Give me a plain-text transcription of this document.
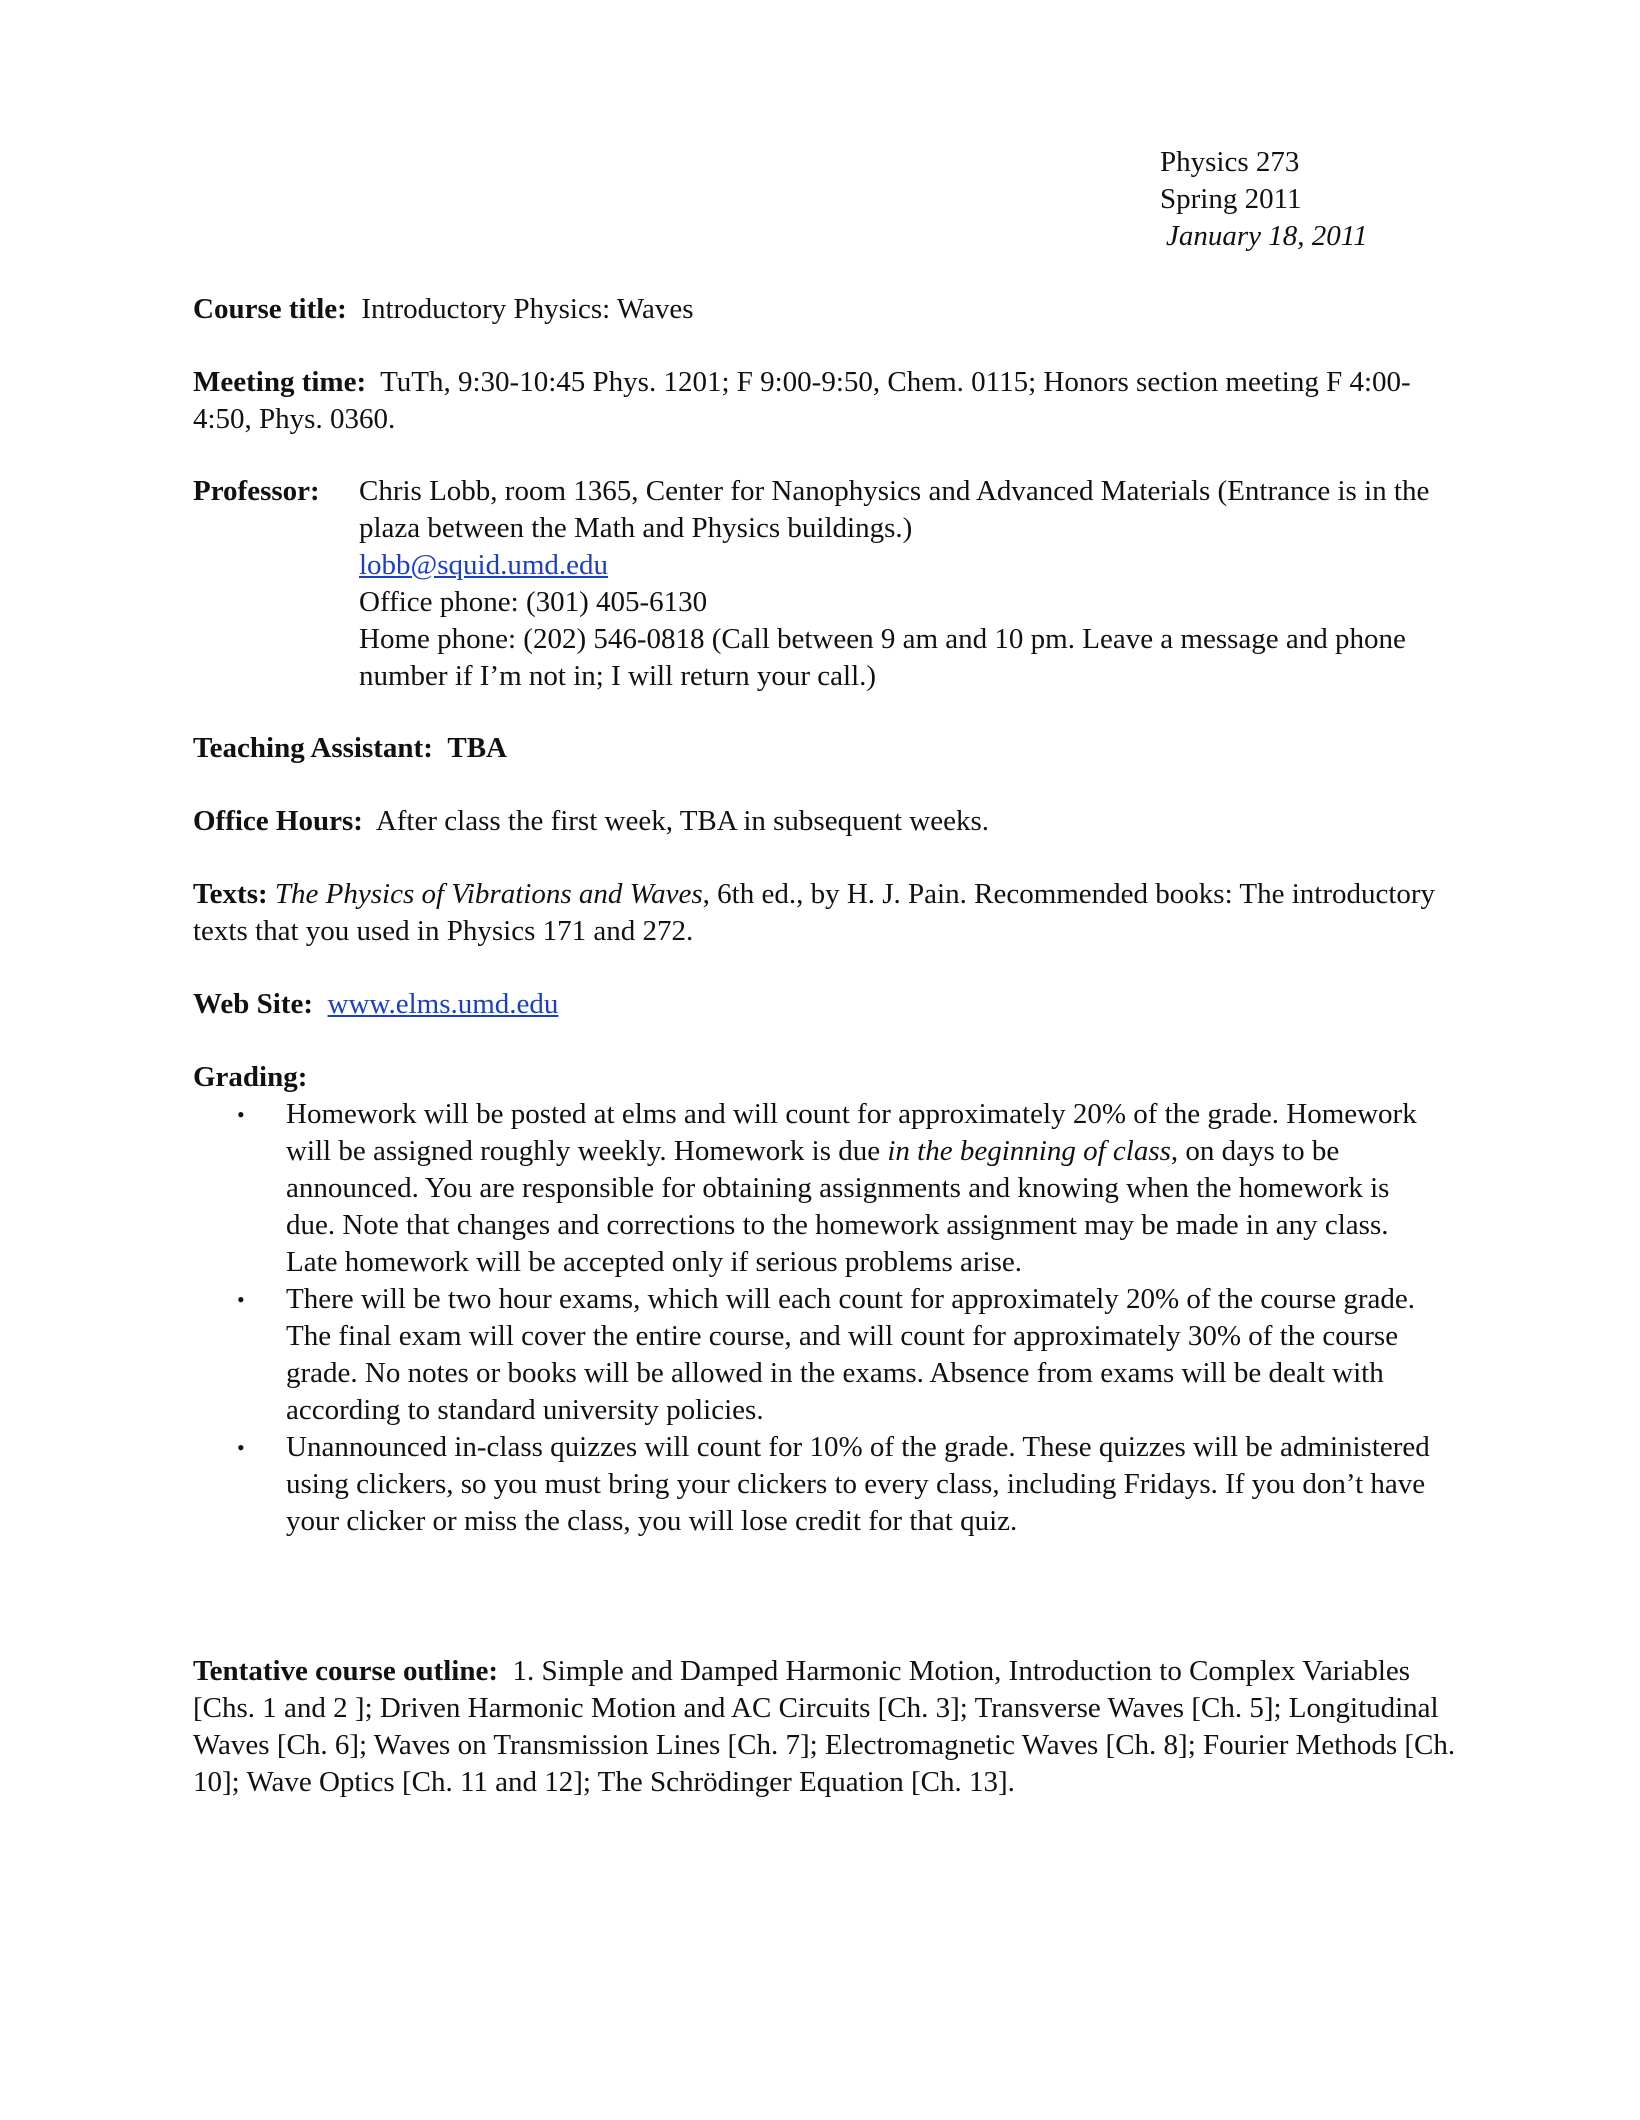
Physics 273
Spring 2011
January 18, 2011
Course title: Introductory Physics: Waves
Meeting time: TuTh, 9:30-10:45 Phys. 1201; F 9:00-9:50, Chem. 0115; Honors section meeting F 4:00-4:50, Phys. 0360.
Professor: Chris Lobb, room 1365, Center for Nanophysics and Advanced Materials (Entrance is in the plaza between the Math and Physics buildings.)
lobb@squid.umd.edu
Office phone: (301) 405-6130
Home phone: (202) 546-0818 (Call between 9 am and 10 pm. Leave a message and phone number if I’m not in; I will return your call.)
Teaching Assistant: TBA
Office Hours: After class the first week, TBA in subsequent weeks.
Texts: The Physics of Vibrations and Waves, 6th ed., by H. J. Pain. Recommended books: The introductory texts that you used in Physics 171 and 272.
Web Site: www.elms.umd.edu
Grading:
• Homework will be posted at elms and will count for approximately 20% of the grade. Homework will be assigned roughly weekly. Homework is due in the beginning of class, on days to be announced. You are responsible for obtaining assignments and knowing when the homework is due. Note that changes and corrections to the homework assignment may be made in any class. Late homework will be accepted only if serious problems arise.
• There will be two hour exams, which will each count for approximately 20% of the course grade. The final exam will cover the entire course, and will count for approximately 30% of the course grade. No notes or books will be allowed in the exams. Absence from exams will be dealt with according to standard university policies.
• Unannounced in-class quizzes will count for 10% of the grade. These quizzes will be administered using clickers, so you must bring your clickers to every class, including Fridays. If you don’t have your clicker or miss the class, you will lose credit for that quiz.
Tentative course outline: 1. Simple and Damped Harmonic Motion, Introduction to Complex Variables [Chs. 1 and 2 ]; Driven Harmonic Motion and AC Circuits [Ch. 3]; Transverse Waves [Ch. 5]; Longitudinal Waves [Ch. 6]; Waves on Transmission Lines [Ch. 7]; Electromagnetic Waves [Ch. 8]; Fourier Methods [Ch. 10]; Wave Optics [Ch. 11 and 12]; The Schrödinger Equation [Ch. 13].
